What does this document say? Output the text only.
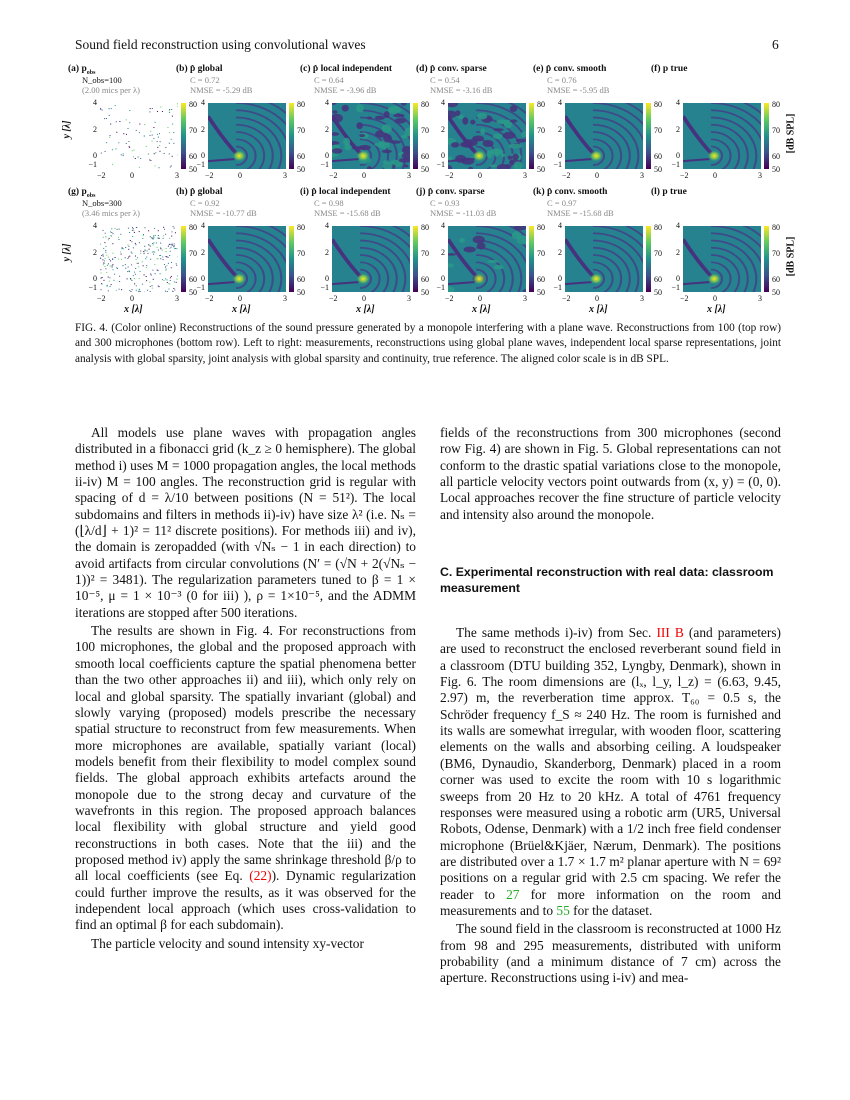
Sound field reconstruction using convolutional waves	6
(a) $p_{obs}$
N_obs=100
(2.00 mics per λ)
4
2
0
−1
−2	0	3
80
70
60
50
y [λ]
(b) p̂ global
C = 0.72
NMSE = -5.29 dB
4
2
0
−1
−2	0	3
80
70
60
50
(c) p̂ local independent
C = 0.64
NMSE = -3.96 dB
4
2
0
−1
−2	0	3
80
70
60
50
(d) p̂ conv. sparse
C = 0.54
NMSE = -3.16 dB
4
2
0
−1
−2	0	3
80
70
60
50
(e) p̂ conv. smooth
C = 0.76
NMSE = -5.95 dB
4
2
0
−1
−2	0	3
80
70
60
50
(f) p true
4
2
0
−1
−2	0	3
80
70
60
50
[dB SPL]
(g) $p_{obs}$
N_obs=300
(3.46 mics per λ)
4
2
0
−1
−2	0	3
80
70
60
50
y [λ]
x [λ]
(h) p̂ global
C = 0.92
NMSE = -10.77 dB
4
2
0
−1
−2	0	3
80
70
60
50
x [λ]
(i) p̂ local independent
C = 0.98
NMSE = -15.68 dB
4
2
0
−1
−2	0	3
80
70
60
50
x [λ]
(j) p̂ conv. sparse
C = 0.93
NMSE = -11.03 dB
4
2
0
−1
−2	0	3
80
70
60
50
x [λ]
(k) p̂ conv. smooth
C = 0.97
NMSE = -15.68 dB
4
2
0
−1
−2	0	3
80
70
60
50
x [λ]
(l) p true
4
2
0
−1
−2	0	3
80
70
60
50
[dB SPL]
x [λ]
FIG. 4. (Color online) Reconstructions of the sound pressure generated by a monopole interfering with a plane wave. Reconstructions from 100 (top row) and 300 microphones (bottom row). Left to right: measurements, reconstructions using global plane waves, independent local sparse representations, joint analysis with global sparsity, joint analysis with global sparsity and continuity, true reference. The aligned color scale is in dB SPL.

All models use plane waves with propagation angles distributed in a fibonacci grid (k_z ≥ 0 hemisphere). The global method i) uses M = 1000 propagation angles, the local methods ii-iv) M = 100 angles. The reconstruction grid is regular with spacing of d = λ/10 between positions (N = 51²). The local subdomains and filters in methods ii)-iv) have size λ² (i.e. Nₛ = (⌊λ/d⌋ + 1)² = 11² discrete positions). For methods iii) and iv), the domain is zeropadded (with √Nₛ − 1 in each direction) to avoid artifacts from circular convolutions (N′ = (√N + 2(√Nₛ − 1))² = 3481). The regularization parameters tuned to β = 1 × 10⁻⁵, μ = 1 × 10⁻³ (0 for iii) ), ρ = 1×10⁻⁵, and the ADMM iterations are stopped after 500 iterations.

The results are shown in Fig. 4. For reconstructions from 100 microphones, the global and the proposed approach with smooth local coefficients capture the spatial phenomena better than the two other approaches ii) and iii), which only rely on local and global sparsity. The spatially invariant (global) and slowly varying (proposed) models prescribe the necessary spatial structure to reconstruct from few measurements. When more microphones are available, spatially variant (local) models benefit from their flexibility to model complex sound fields. The global approach exhibits artefacts around the monopole due to the strong decay and curvature of the wavefronts in this region. The proposed approach balances local flexibility with global structure and yield good reconstructions in both cases. Note that the iii) and the proposed method iv) apply the same shrinkage threshold β/ρ to all local coefficients (see Eq. (22)). Dynamic regularization could further improve the results, as it was observed for the independent local approach (which uses cross-validation to find an optimal β for each subdomain).

The particle velocity and sound intensity xy-vector

fields of the reconstructions from 300 microphones (second row Fig. 4) are shown in Fig. 5. Global representations can not conform to the drastic spatial variations close to the monopole, all particle velocity vectors point outwards from (x, y) = (0, 0). Local approaches recover the fine structure of particle velocity and intensity also around the monopole.

C. Experimental reconstruction with real data: classroom measurement

The same methods i)-iv) from Sec. III B (and parameters) are used to reconstruct the enclosed reverberant sound field in a classroom (DTU building 352, Lyngby, Denmark), shown in Fig. 6. The room dimensions are (lₓ, l_y, l_z) = (6.63, 9.45, 2.97) m, the reverberation time approx. T₆₀ = 0.5 s, the Schröder frequency f_S ≈ 240 Hz. The room is furnished and its walls are somewhat irregular, with wooden floor, scattering elements on the walls and absorbing ceiling. A loudspeaker (BM6, Dynaudio, Skanderborg, Denmark) placed in a room corner was used to excite the room with 10 s logarithmic sweeps from 20 Hz to 20 kHz. A total of 4761 frequency responses were measured using a robotic arm (UR5, Universal Robots, Odense, Denmark) with a 1/2 inch free field condenser microphone (Brüel&Kjäer, Nærum, Denmark). The positions are distributed over a 1.7 × 1.7 m² planar aperture with N = 69² positions on a regular grid with 2.5 cm spacing. We refer the reader to 27 for more information on the room and measurements and to 55 for the dataset.

The sound field in the classroom is reconstructed at 1000 Hz from 98 and 295 measurements, distributed with uniform probability (and a minimum distance of 7 cm) across the aperture. Reconstructions using i-iv) and mea-
